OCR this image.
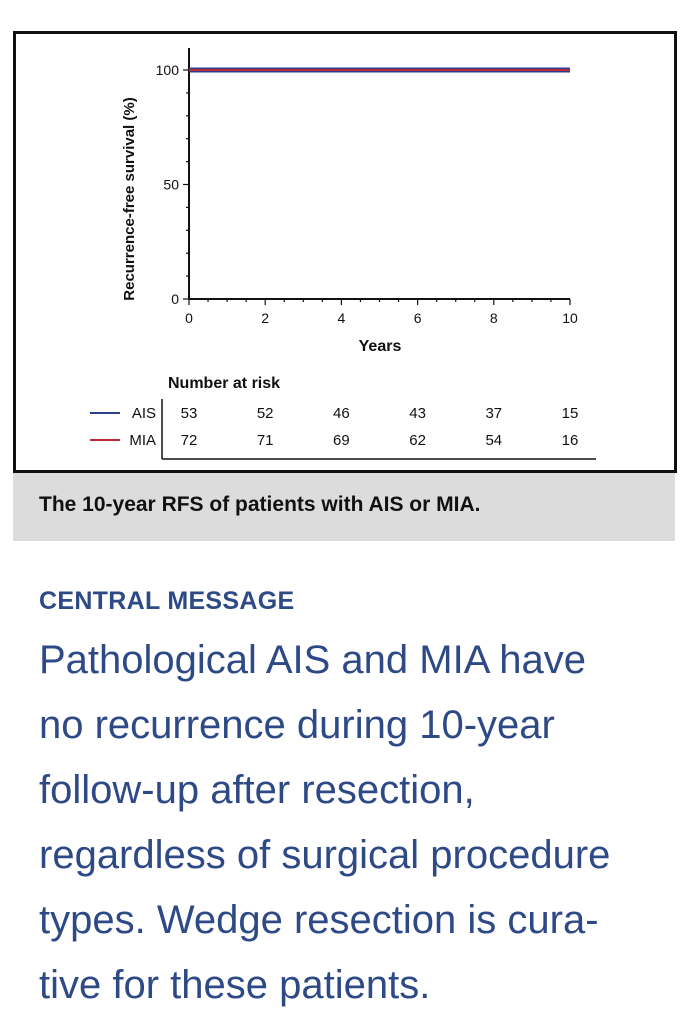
0
50
100
0	2	4	6	8	10
Recurrence-free survival (%)
Years
Number at risk
AIS 53	52	46	43	37	15
MIA 72	71	69	62	54	16
The 10-year RFS of patients with AIS or MIA.
CENTRAL MESSAGE
Pathological AIS and MIA have
no recurrence during 10-year
follow-up after resection,
regardless of surgical procedure
types. Wedge resection is cura-
tive for these patients.
